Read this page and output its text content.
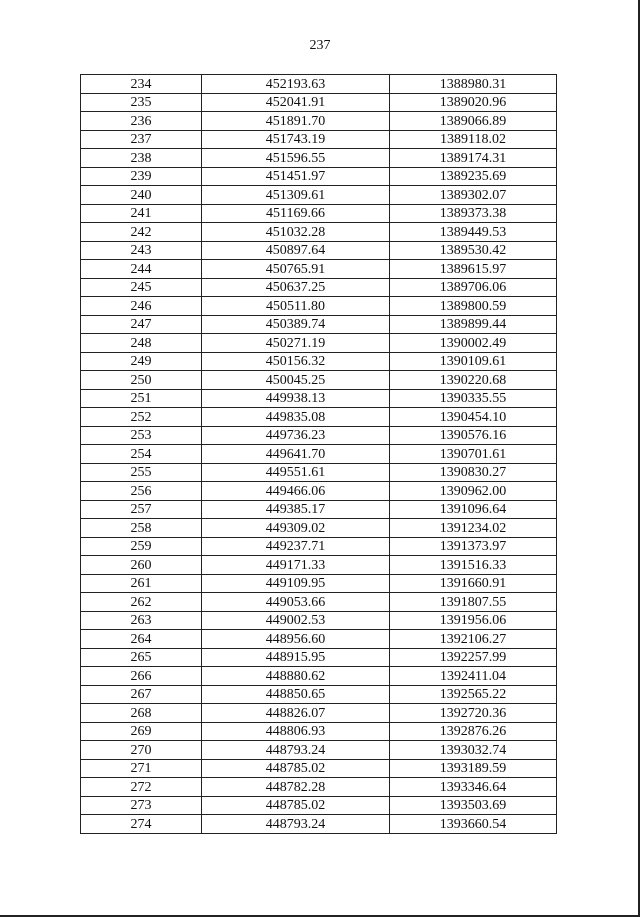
237
234	452193.63	1388980.31
235	452041.91	1389020.96
236	451891.70	1389066.89
237	451743.19	1389118.02
238	451596.55	1389174.31
239	451451.97	1389235.69
240	451309.61	1389302.07
241	451169.66	1389373.38
242	451032.28	1389449.53
243	450897.64	1389530.42
244	450765.91	1389615.97
245	450637.25	1389706.06
246	450511.80	1389800.59
247	450389.74	1389899.44
248	450271.19	1390002.49
249	450156.32	1390109.61
250	450045.25	1390220.68
251	449938.13	1390335.55
252	449835.08	1390454.10
253	449736.23	1390576.16
254	449641.70	1390701.61
255	449551.61	1390830.27
256	449466.06	1390962.00
257	449385.17	1391096.64
258	449309.02	1391234.02
259	449237.71	1391373.97
260	449171.33	1391516.33
261	449109.95	1391660.91
262	449053.66	1391807.55
263	449002.53	1391956.06
264	448956.60	1392106.27
265	448915.95	1392257.99
266	448880.62	1392411.04
267	448850.65	1392565.22
268	448826.07	1392720.36
269	448806.93	1392876.26
270	448793.24	1393032.74
271	448785.02	1393189.59
272	448782.28	1393346.64
273	448785.02	1393503.69
274	448793.24	1393660.54
